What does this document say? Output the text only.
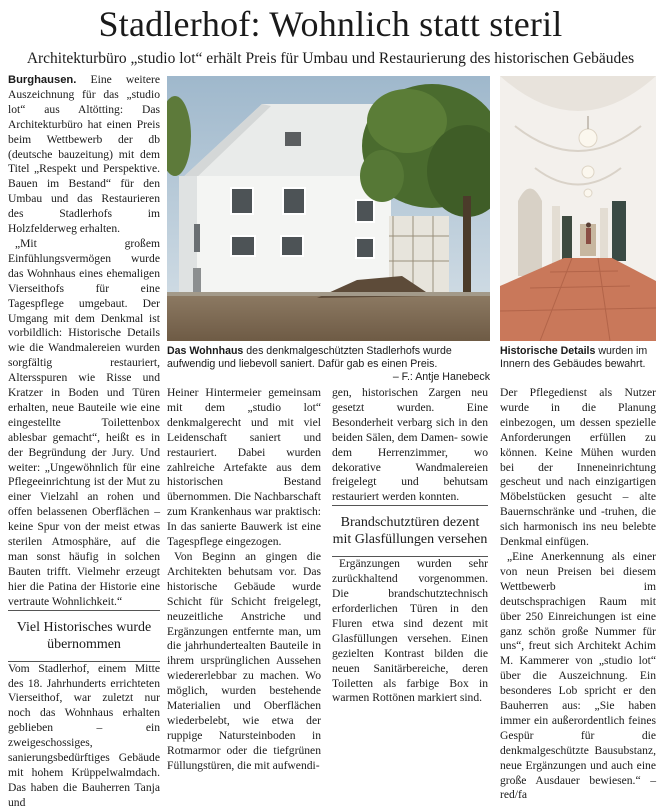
Stadlerhof: Wohnlich statt steril
Architekturbüro „studio lot“ erhält Preis für Umbau und Restaurierung des historischen Gebäudes

Burghausen. Eine weitere Auszeichnung für das „studio lot“ aus Altötting: Das Architekturbüro hat einen Preis beim Wettbewerb der db (deutsche bauzeitung) mit dem Titel „Respekt und Perspektive. Bauen im Bestand“ für den Umbau und das Restaurieren des Stadlerhofs im Holzfelderweg erhalten.

„Mit großem Einfühlungsvermögen wurde das Wohnhaus eines ehemaligen Vierseithofs für eine Tagespflege umgebaut. Der Umgang mit dem Denkmal ist vorbildlich: Historische Details wie die Wandmalereien wurden sorgfältig restauriert, Altersspuren wie Risse und Kratzer in Boden und Türen erhalten, neue Bauteile wie eine eingestellte Toilettenbox ablesbar gemacht“, heißt es in der Begründung der Jury. Und weiter: „Ungewöhnlich für eine Pflegeeinrichtung ist der Mut zu einer Vielzahl an rohen und offen belassenen Oberflächen – keine Spur von der meist etwas sterilen Atmosphäre, auf die man sonst häufig in solchen Bauten trifft. Vielmehr erzeugt hier die Patina der Historie eine vertraute Wohnlichkeit.“

Viel Historisches wurde übernommen

Vom Stadlerhof, einem Mitte des 18. Jahrhunderts errichteten Vierseithof, war zuletzt nur noch das Wohnhaus erhalten geblieben – ein zweigeschossiges, sanierungsbedürftiges Gebäude mit hohem Krüppelwalmdach. Das haben die Bauherren Tanja und

Das Wohnhaus des denkmalgeschützten Stadlerhofs wurde aufwendig und liebevoll saniert. Dafür gab es einen Preis.
– F.: Antje Hanebeck
Historische Details wurden im Innern des Gebäudes bewahrt.

Heiner Hintermeier gemeinsam mit dem „studio lot“ denkmalgerecht und mit viel Leidenschaft saniert und restauriert. Dabei wurden zahlreiche Artefakte aus dem historischen Bestand übernommen. Die Nachbarschaft zum Krankenhaus war praktisch: In das sanierte Bauwerk ist eine Tagespflege eingezogen.

Von Beginn an gingen die Architekten behutsam vor. Das historische Gebäude wurde Schicht für Schicht freigelegt, neuzeitliche Anstriche und Ergänzungen entfernte man, um die jahrhundertealten Bauteile in ihrem ursprünglichen Aussehen wiedererlebbar zu machen. Wo möglich, wurden bestehende Materialien und Oberflächen wiederbelebt, wie etwa der ruppige Natursteinboden in Rotmarmor oder die tiefgrünen Füllungstüren, die mit aufwendi-

gen, historischen Zargen neu gesetzt wurden. Eine Besonderheit verbarg sich in den beiden Sälen, dem Damen- sowie dem Herrenzimmer, wo dekorative Wandmalereien freigelegt und behutsam restauriert werden konnten.

Brandschutztüren dezent mit Glasfüllungen versehen

Ergänzungen wurden sehr zurückhaltend vorgenommen. Die brandschutztechnisch erforderlichen Türen in den Fluren etwa sind dezent mit Glasfüllungen versehen. Einen gezielten Kontrast bilden die neuen Sanitärbereiche, deren Toiletten als farbige Box in warmen Rottönen markiert sind.

Der Pflegedienst als Nutzer wurde in die Planung einbezogen, um dessen spezielle Anforderungen erfüllen zu können. Keine Mühen wurden bei der Inneneinrichtung gescheut und nach einzigartigen Möbelstücken gesucht – alte Bauernschränke und -truhen, die sich harmonisch ins neu belebte Denkmal einfügen.

„Eine Anerkennung als einer von neun Preisen bei diesem Wettbewerb im deutschsprachigen Raum mit über 250 Einreichungen ist eine ganz schön große Nummer für uns“, freut sich Architekt Achim M. Kammerer von „studio lot“ über die Auszeichnung. Ein besonderes Lob spricht er den Bauherren aus: „Sie haben immer ein außerordentlich feines Gespür für die denkmalgeschützte Bausubstanz, neue Ergänzungen und auch eine große Ausdauer bewiesen.“ – red/fa
